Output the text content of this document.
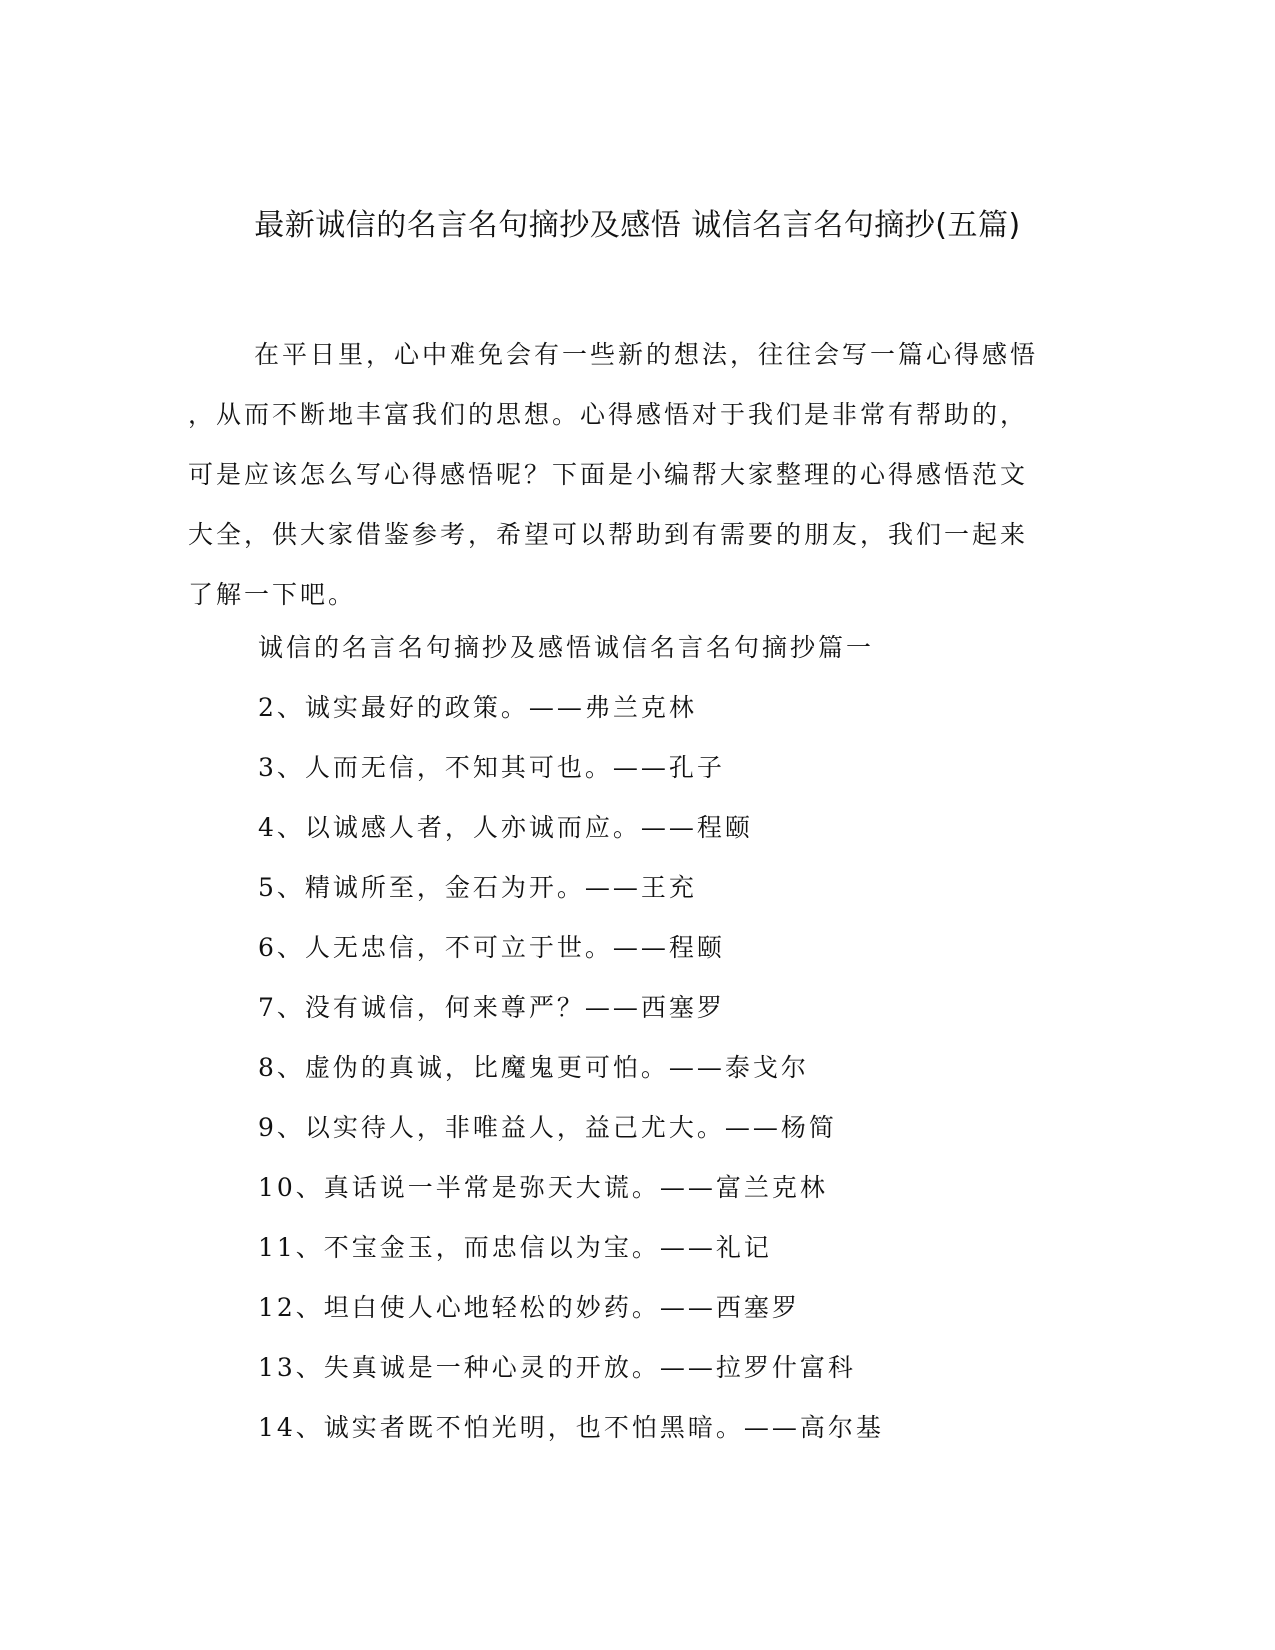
最新诚信的名言名句摘抄及感悟 诚信名言名句摘抄(五篇)
在平日里，心中难免会有一些新的想法，往往会写一篇心得感悟
，从而不断地丰富我们的思想。心得感悟对于我们是非常有帮助的，
可是应该怎么写心得感悟呢？下面是小编帮大家整理的心得感悟范文
大全，供大家借鉴参考，希望可以帮助到有需要的朋友，我们一起来
了解一下吧。
诚信的名言名句摘抄及感悟诚信名言名句摘抄篇一
2、诚实最好的政策。——弗兰克林
3、人而无信，不知其可也。——孔子
4、以诚感人者，人亦诚而应。——程颐
5、精诚所至，金石为开。——王充
6、人无忠信，不可立于世。——程颐
7、没有诚信，何来尊严？——西塞罗
8、虚伪的真诚，比魔鬼更可怕。——泰戈尔
9、以实待人，非唯益人，益己尤大。——杨简
10、真话说一半常是弥天大谎。——富兰克林
11、不宝金玉，而忠信以为宝。——礼记
12、坦白使人心地轻松的妙药。——西塞罗
13、失真诚是一种心灵的开放。——拉罗什富科
14、诚实者既不怕光明，也不怕黑暗。——高尔基
